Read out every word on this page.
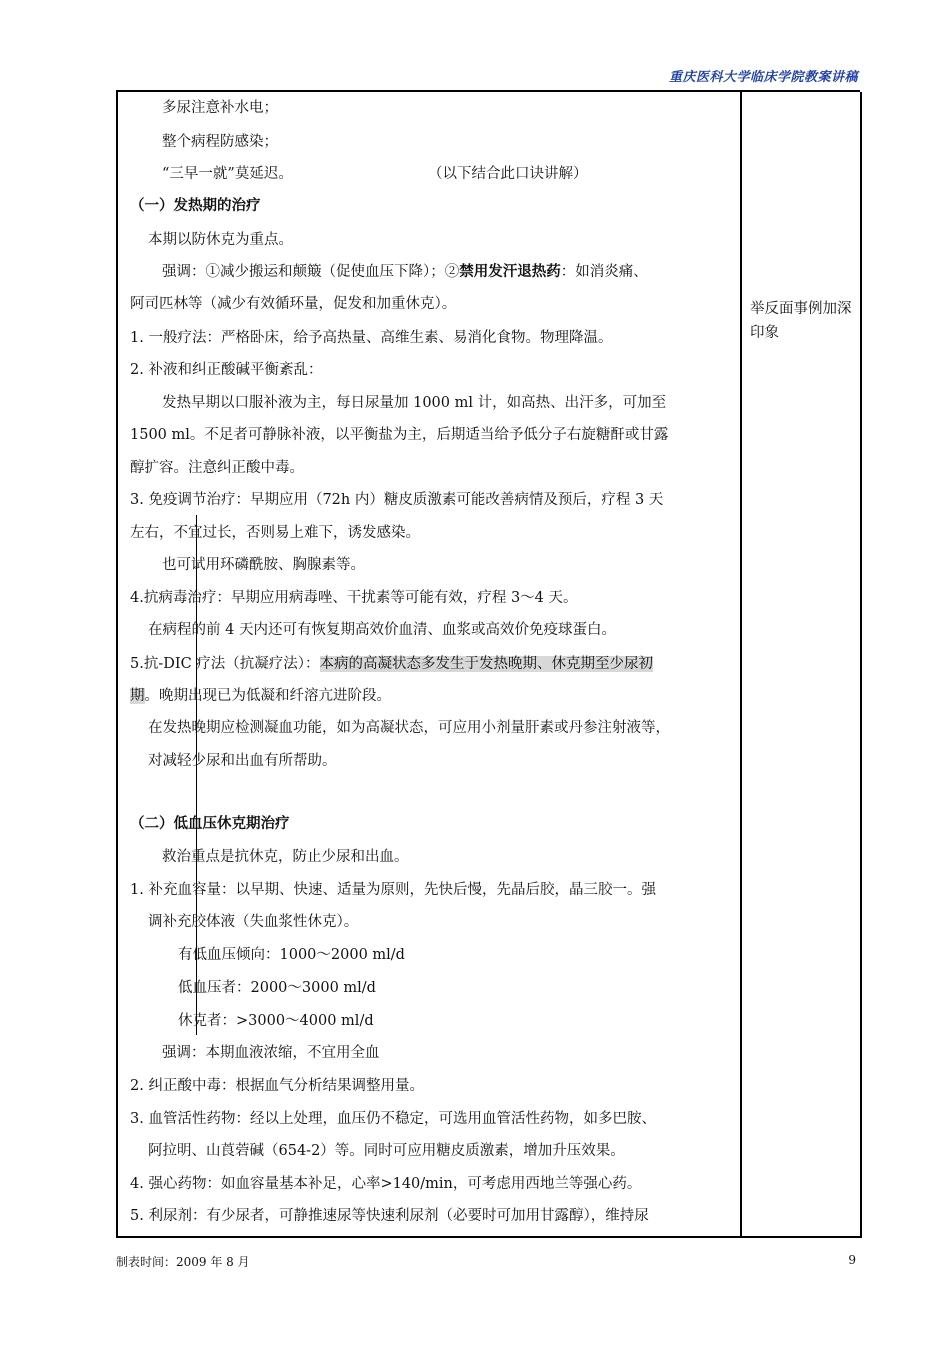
重庆医科大学临床学院教案讲稿
举反面事例加深印象
多尿注意补水电；
整个病程防感染；
“三早一就”莫延迟。	（以下结合此口诀讲解）
（一）发热期的治疗
本期以防休克为重点。
强调：①减少搬运和颠簸（促使血压下降）；②禁用发汗退热药：如消炎痛、
阿司匹林等（减少有效循环量，促发和加重休克）。
1. 一般疗法：严格卧床，给予高热量、高维生素、易消化食物。物理降温。
2. 补液和纠正酸碱平衡紊乱：
发热早期以口服补液为主，每日尿量加 1000 ml 计，如高热、出汗多，可加至
1500 ml。不足者可静脉补液，以平衡盐为主，后期适当给予低分子右旋糖酐或甘露
醇扩容。注意纠正酸中毒。
3. 免疫调节治疗：早期应用（72h 内）糖皮质激素可能改善病情及预后，疗程 3 天
左右，不宜过长，否则易上难下，诱发感染。
也可试用环磷酰胺、胸腺素等。
4.抗病毒治疗：早期应用病毒唑、干扰素等可能有效，疗程 3～4 天。
在病程的前 4 天内还可有恢复期高效价血清、血浆或高效价免疫球蛋白。
5.抗-DIC 疗法（抗凝疗法）：本病的高凝状态多发生于发热晚期、休克期至少尿初
期。晚期出现已为低凝和纤溶亢进阶段。
在发热晚期应检测凝血功能，如为高凝状态，可应用小剂量肝素或丹参注射液等，
对减轻少尿和出血有所帮助。
（二）低血压休克期治疗
救治重点是抗休克，防止少尿和出血。
1. 补充血容量：以早期、快速、适量为原则，先快后慢，先晶后胶，晶三胶一。强
调补充胶体液（失血浆性休克）。
有低血压倾向：1000～2000 ml/d
低血压者：2000～3000 ml/d
休克者：>3000～4000 ml/d
强调：本期血液浓缩，不宜用全血
2. 纠正酸中毒：根据血气分析结果调整用量。
3. 血管活性药物：经以上处理，血压仍不稳定，可选用血管活性药物，如多巴胺、
阿拉明、山莨菪碱（654-2）等。同时可应用糖皮质激素，增加升压效果。
4. 强心药物：如血容量基本补足，心率>140/min，可考虑用西地兰等强心药。
5. 利尿剂：有少尿者，可静推速尿等快速利尿剂（必要时可加用甘露醇），维持尿
制表时间：2009 年 8 月	9
